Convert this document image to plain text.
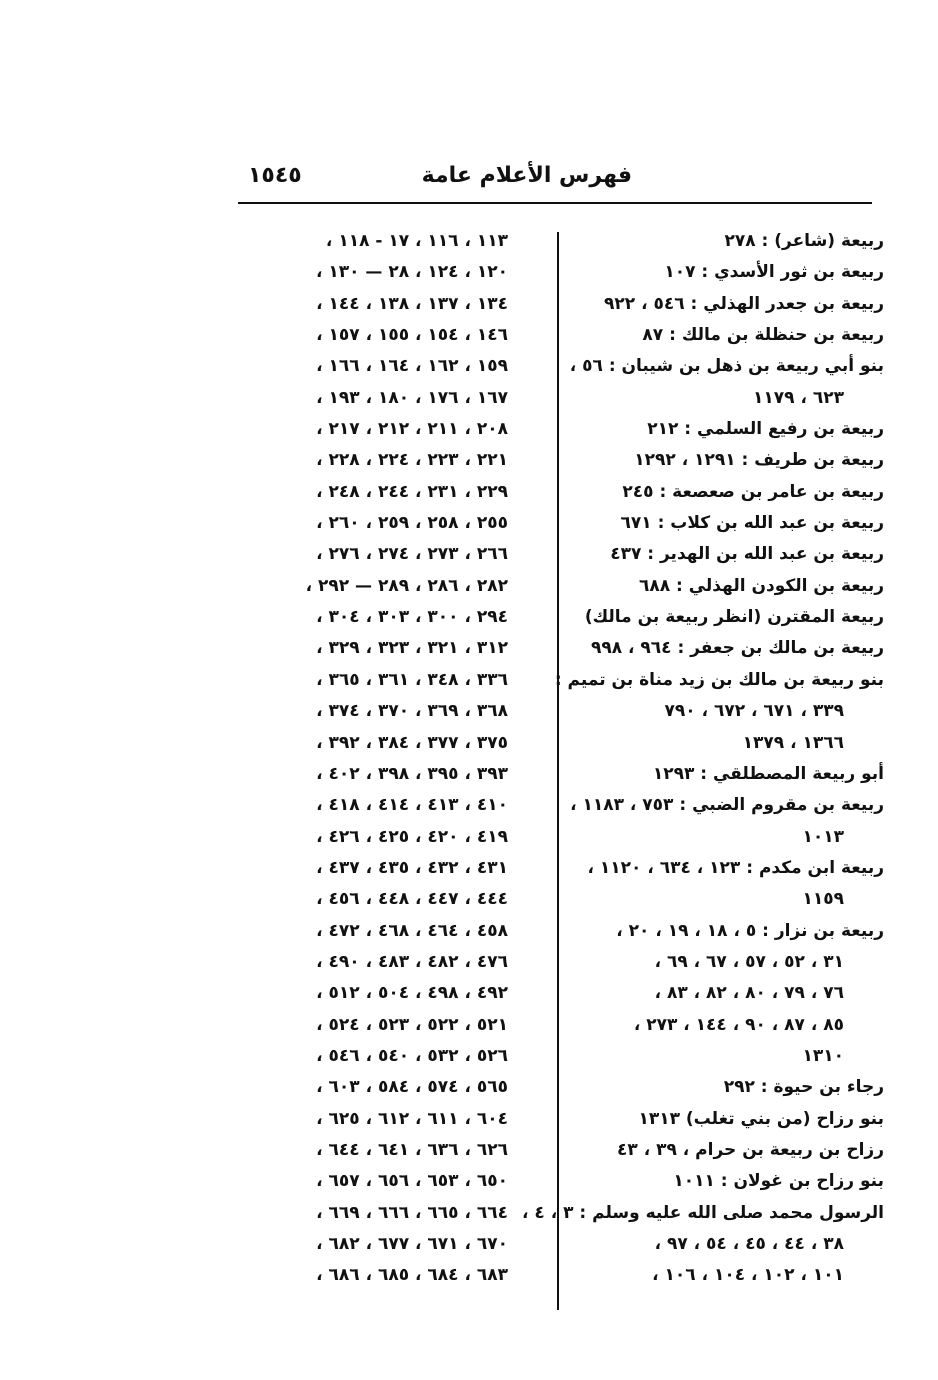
فهرس الأعلام عامة
١٥٤٥
ربيعة (شاعر) : ٢٧٨
ربيعة بن ثور الأسدي : ١٠٧
ربيعة بن جعدر الهذلي : ٥٤٦ ، ٩٢٢
ربيعة بن حنظلة بن مالك : ٨٧
بنو أبي ربيعة بن ذهل بن شيبان : ٥٦ ،
٦٢٣ ، ١١٧٩
ربيعة بن رفيع السلمي : ٢١٢
ربيعة بن طريف : ١٢٩١ ، ١٢٩٢
ربيعة بن عامر بن صعصعة : ٢٤٥
ربيعة بن عبد الله بن كلاب : ٦٧١
ربيعة بن عبد الله بن الهدير : ٤٣٧
ربيعة بن الكودن الهذلي : ٦٨٨
ربيعة المقترن (انظر ربيعة بن مالك)
ربيعة بن مالك بن جعفر : ٩٦٤ ، ٩٩٨
بنو ربيعة بن مالك بن زيد مناة بن تميم :
٣٣٩ ، ٦٧١ ، ٦٧٢ ، ٧٩٠
١٣٦٦ ، ١٣٧٩
أبو ربيعة المصطلقي : ١٢٩٣
ربيعة بن مقروم الضبي : ٧٥٣ ، ١١٨٣ ،
١٠١٣
ربيعة ابن مكدم : ١٢٣ ، ٦٣٤ ، ١١٢٠ ،
١١٥٩
ربيعة بن نزار : ٥ ، ١٨ ، ١٩ ، ٢٠ ،
٣١ ، ٥٢ ، ٥٧ ، ٦٧ ، ٦٩ ،
٧٦ ، ٧٩ ، ٨٠ ، ٨٢ ، ٨٣ ،
٨٥ ، ٨٧ ، ٩٠ ، ١٤٤ ، ٢٧٣ ،
١٣١٠
رجاء بن حيوة : ٢٩٢
بنو رزاح (من بني تغلب) ١٣١٣
رزاح بن ربيعة بن حرام ، ٣٩ ، ٤٣
بنو رزاح بن غولان : ١٠١١
الرسول محمد صلى الله عليه وسلم : ٣ ، ٤ ،
٣٨ ، ٤٤ ، ٤٥ ، ٥٤ ، ٩٧ ،
١٠١ ، ١٠٢ ، ١٠٤ ، ١٠٦ ،
١١٣ ، ١١٦ ، ١٧ - ١١٨ ،
١٢٠ ، ١٢٤ ، ٢٨ — ١٣٠ ،
١٣٤ ، ١٣٧ ، ١٣٨ ، ١٤٤ ،
١٤٦ ، ١٥٤ ، ١٥٥ ، ١٥٧ ،
١٥٩ ، ١٦٢ ، ١٦٤ ، ١٦٦ ،
١٦٧ ، ١٧٦ ، ١٨٠ ، ١٩٣ ،
٢٠٨ ، ٢١١ ، ٢١٢ ، ٢١٧ ،
٢٢١ ، ٢٢٣ ، ٢٢٤ ، ٢٢٨ ،
٢٢٩ ، ٢٣١ ، ٢٤٤ ، ٢٤٨ ،
٢٥٥ ، ٢٥٨ ، ٢٥٩ ، ٢٦٠ ،
٢٦٦ ، ٢٧٣ ، ٢٧٤ ، ٢٧٦ ،
٢٨٢ ، ٢٨٦ ، ٢٨٩ — ٢٩٢ ،
٢٩٤ ، ٣٠٠ ، ٣٠٣ ، ٣٠٤ ،
٣١٢ ، ٣٢١ ، ٣٢٣ ، ٣٢٩ ،
٣٣٦ ، ٣٤٨ ، ٣٦١ ، ٣٦٥ ،
٣٦٨ ، ٣٦٩ ، ٣٧٠ ، ٣٧٤ ،
٣٧٥ ، ٣٧٧ ، ٣٨٤ ، ٣٩٢ ،
٣٩٣ ، ٣٩٥ ، ٣٩٨ ، ٤٠٢ ،
٤١٠ ، ٤١٣ ، ٤١٤ ، ٤١٨ ،
٤١٩ ، ٤٢٠ ، ٤٢٥ ، ٤٢٦ ،
٤٣١ ، ٤٣٢ ، ٤٣٥ ، ٤٣٧ ،
٤٤٤ ، ٤٤٧ ، ٤٤٨ ، ٤٥٦ ،
٤٥٨ ، ٤٦٤ ، ٤٦٨ ، ٤٧٢ ،
٤٧٦ ، ٤٨٢ ، ٤٨٣ ، ٤٩٠ ،
٤٩٢ ، ٤٩٨ ، ٥٠٤ ، ٥١٢ ،
٥٢١ ، ٥٢٢ ، ٥٢٣ ، ٥٢٤ ،
٥٢٦ ، ٥٣٢ ، ٥٤٠ ، ٥٤٦ ،
٥٦٥ ، ٥٧٤ ، ٥٨٤ ، ٦٠٣ ،
٦٠٤ ، ٦١١ ، ٦١٢ ، ٦٢٥ ،
٦٢٦ ، ٦٣٦ ، ٦٤١ ، ٦٤٤ ،
٦٥٠ ، ٦٥٣ ، ٦٥٦ ، ٦٥٧ ،
٦٦٤ ، ٦٦٥ ، ٦٦٦ ، ٦٦٩ ،
٦٧٠ ، ٦٧١ ، ٦٧٧ ، ٦٨٢ ،
٦٨٣ ، ٦٨٤ ، ٦٨٥ ، ٦٨٦ ،
